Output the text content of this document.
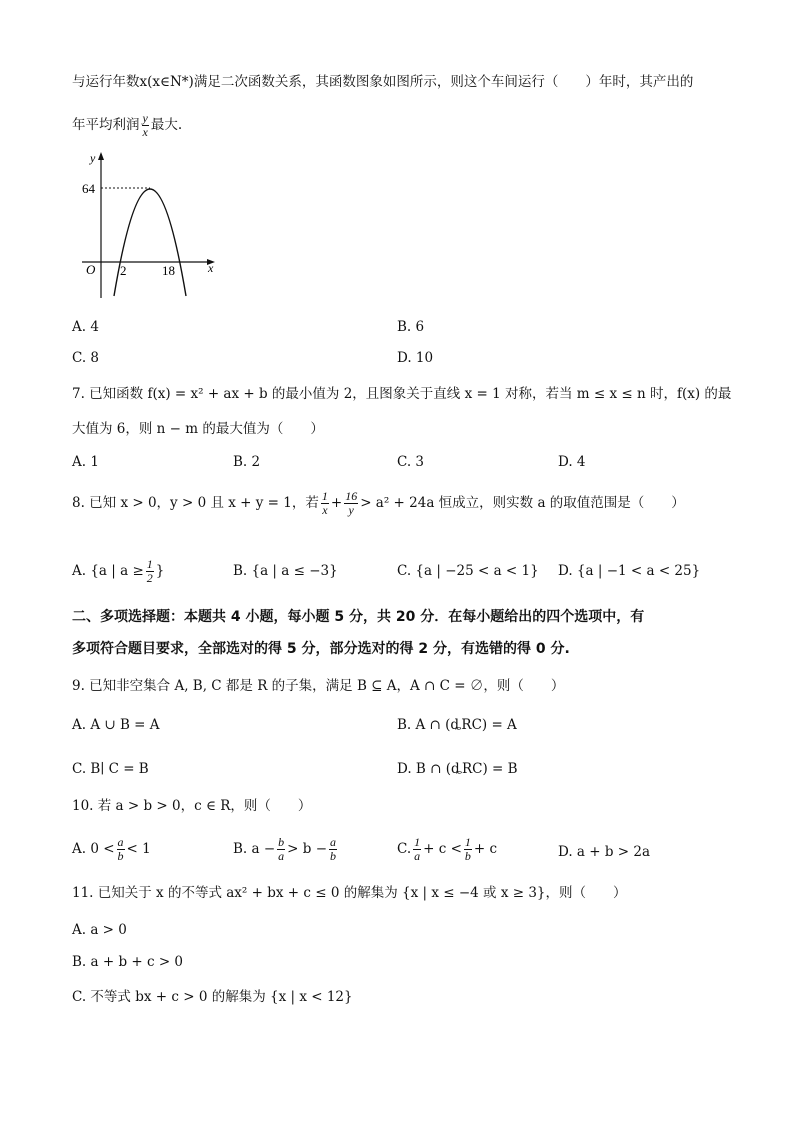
与运行年数x(x∈N*)满足二次函数关系，其函数图象如图所示，则这个车间运行（　　）年时，其产出的
年平均利润 $\frac{y}{x}$ 最大.
y
64
O 2	18	x
A. 4	B. 6
C. 8	D. 10
7. 已知函数 f(x) = x² + ax + b 的最小值为 2，且图象关于直线 x = 1 对称，若当 m ≤ x ≤ n 时，f(x) 的最
大值为 6，则 n − m 的最大值为（　　）
A. 1	B. 2	C. 3	D. 4
8. 已知 x > 0，y > 0 且 x + y = 1，若 $\frac{1}{x} + \frac{16}{y} > a^2 + 24a$ 恒成立，则实数 a 的取值范围是（　　）
A. {a | $a \ge \frac{1}{2}$ }	B. {a | a ≤ −3}	C. {a | −25 < a < 1} D. {a | −1 < a < 25}
二、多项选择题：本题共 4 小题，每小题 5 分，共 20 分．在每小题给出的四个选项中，有
多项符合题目要求，全部选对的得 5 分，部分选对的得 2 分，有选错的得 0 分.
9. 已知非空集合 A, B, C 都是 R 的子集，满足 B ⊆ A，A ∩ C = ∅，则（　　）
A. A ∪ B = A	B. A ∩ (ȡRC) = A
C. B∣ C = B	D. B ∩ (ȡRC) = B
10. 若 a > b > 0，c ∈ R，则（　　）
A. $0 < \frac{a}{b} < 1$	B. $a - \frac{b}{a} > b - \frac{a}{b}$	C. $\frac{1}{a} + c < \frac{1}{b} + c$	D. a + b > 2a
11. 已知关于 x 的不等式 ax² + bx + c ≤ 0 的解集为 {x | x ≤ −4 或 x ≥ 3}，则（　　）
A. a > 0
B. a + b + c > 0
C. 不等式 bx + c > 0 的解集为 {x | x < 12}
